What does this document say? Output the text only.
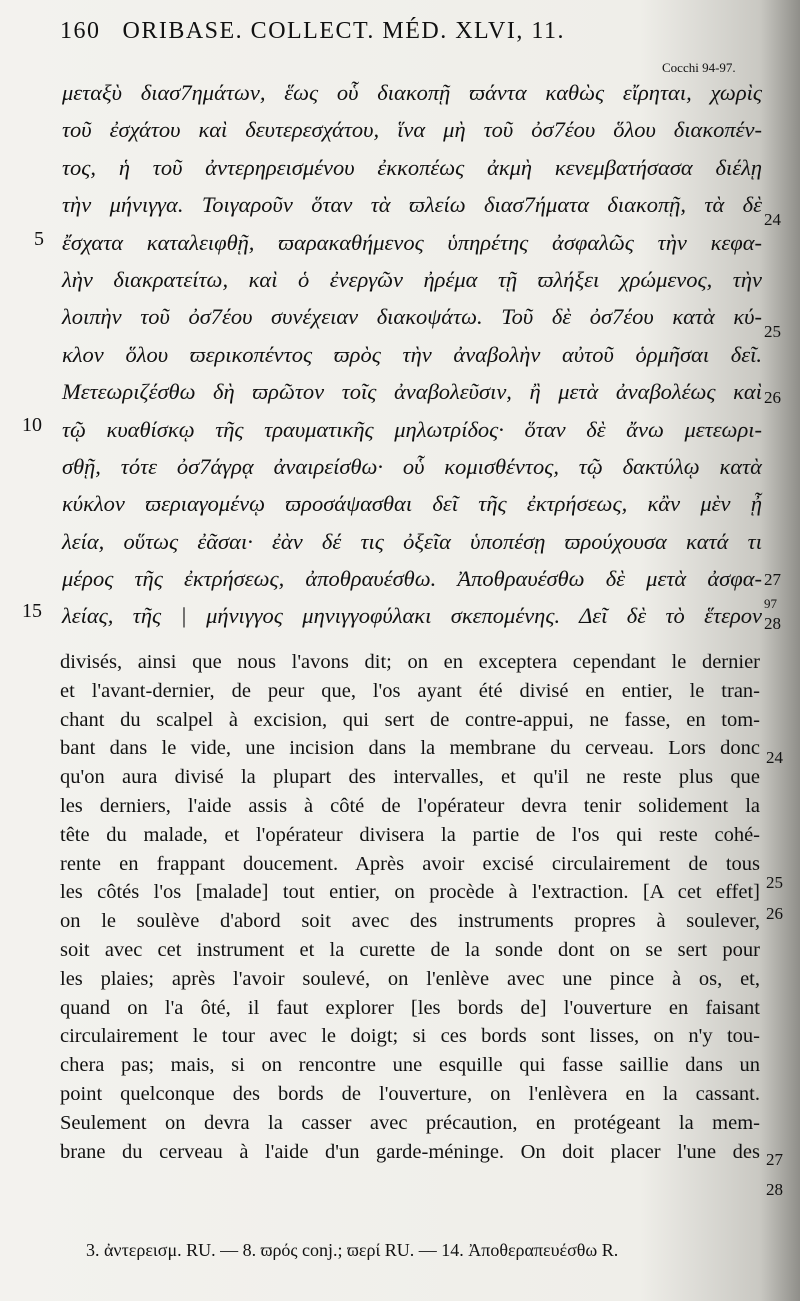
160 ORIBASE. COLLECT. MÉD. XLVI, 11.
Cocchi 94-97.
μεταξὺ διασ7ημάτων, ἕως οὗ διακοπῇ ϖάντα καθὼς εἴρηται, χωρὶς
τοῦ ἐσχάτου καὶ δευτερεσχάτου, ἵνα μὴ τοῦ ὀσ7έου ὅλου διακοπέν-
τος, ἡ τοῦ ἀντερηρεισμένου ἐκκοπέως ἀκμὴ κενεμβατήσασα διέλῃ
τὴν μήνιγγα. Τοιγαροῦν ὅταν τὰ ϖλείω διασ7ήματα διακοπῇ, τὰ δὲ
ἔσχατα καταλειφθῇ, ϖαρακαθήμενος ὑπηρέτης ἀσφαλῶς τὴν κεφα-
λὴν διακρατείτω, καὶ ὁ ἐνεργῶν ἠρέμα τῇ ϖλήξει χρώμενος, τὴν
λοιπὴν τοῦ ὀσ7έου συνέχειαν διακοψάτω. Τοῦ δὲ ὀσ7έου κατὰ κύ-
κλον ὅλου ϖερικοπέντος ϖρὸς τὴν ἀναβολὴν αὐτοῦ ὁρμῆσαι δεῖ.
Μετεωριζέσθω δὴ ϖρῶτον τοῖς ἀναβολεῦσιν, ἢ μετὰ ἀναβολέως καὶ
τῷ κυαθίσκῳ τῆς τραυματικῆς μηλωτρίδος· ὅταν δὲ ἄνω μετεωρι-
σθῇ, τότε ὀσ7άγρᾳ ἀναιρείσθω· οὗ κομισθέντος, τῷ δακτύλῳ κατὰ
κύκλον ϖεριαγομένῳ ϖροσάψασθαι δεῖ τῆς ἐκτρήσεως, κἂν μὲν ᾖ
λεία, οὕτως ἐᾶσαι· ἐὰν δέ τις ὀξεῖα ὑποπέσῃ ϖρούχουσα κατά τι
μέρος τῆς ἐκτρήσεως, ἀποθραυέσθω. Ἀποθραυέσθω δὲ μετὰ ἀσφα-
λείας, τῆς | μήνιγγος μηνιγγοφύλακι σκεπομένης. Δεῖ δὲ τὸ ἕτερον
5
10
15
24
25
26
27
97
28
divisés, ainsi que nous l'avons dit; on en exceptera cependant le dernier
et l'avant-dernier, de peur que, l'os ayant été divisé en entier, le tran-
chant du scalpel à excision, qui sert de contre-appui, ne fasse, en tom-
bant dans le vide, une incision dans la membrane du cerveau. Lors donc
qu'on aura divisé la plupart des intervalles, et qu'il ne reste plus que
les derniers, l'aide assis à côté de l'opérateur devra tenir solidement la
tête du malade, et l'opérateur divisera la partie de l'os qui reste cohé-
rente en frappant doucement. Après avoir excisé circulairement de tous
les côtés l'os [malade] tout entier, on procède à l'extraction. [A cet effet]
on le soulève d'abord soit avec des instruments propres à soulever,
soit avec cet instrument et la curette de la sonde dont on se sert pour
les plaies; après l'avoir soulevé, on l'enlève avec une pince à os, et,
quand on l'a ôté, il faut explorer [les bords de] l'ouverture en faisant
circulairement le tour avec le doigt; si ces bords sont lisses, on n'y tou-
chera pas; mais, si on rencontre une esquille qui fasse saillie dans un
point quelconque des bords de l'ouverture, on l'enlèvera en la cassant.
Seulement on devra la casser avec précaution, en protégeant la mem-
brane du cerveau à l'aide d'un garde-méninge. On doit placer l'une des
24
25
26
27
28
3. ἀντερεισμ. RU. — 8. ϖρός conj.; ϖερί RU. — 14. Ἀποθεραπευέσθω R.
